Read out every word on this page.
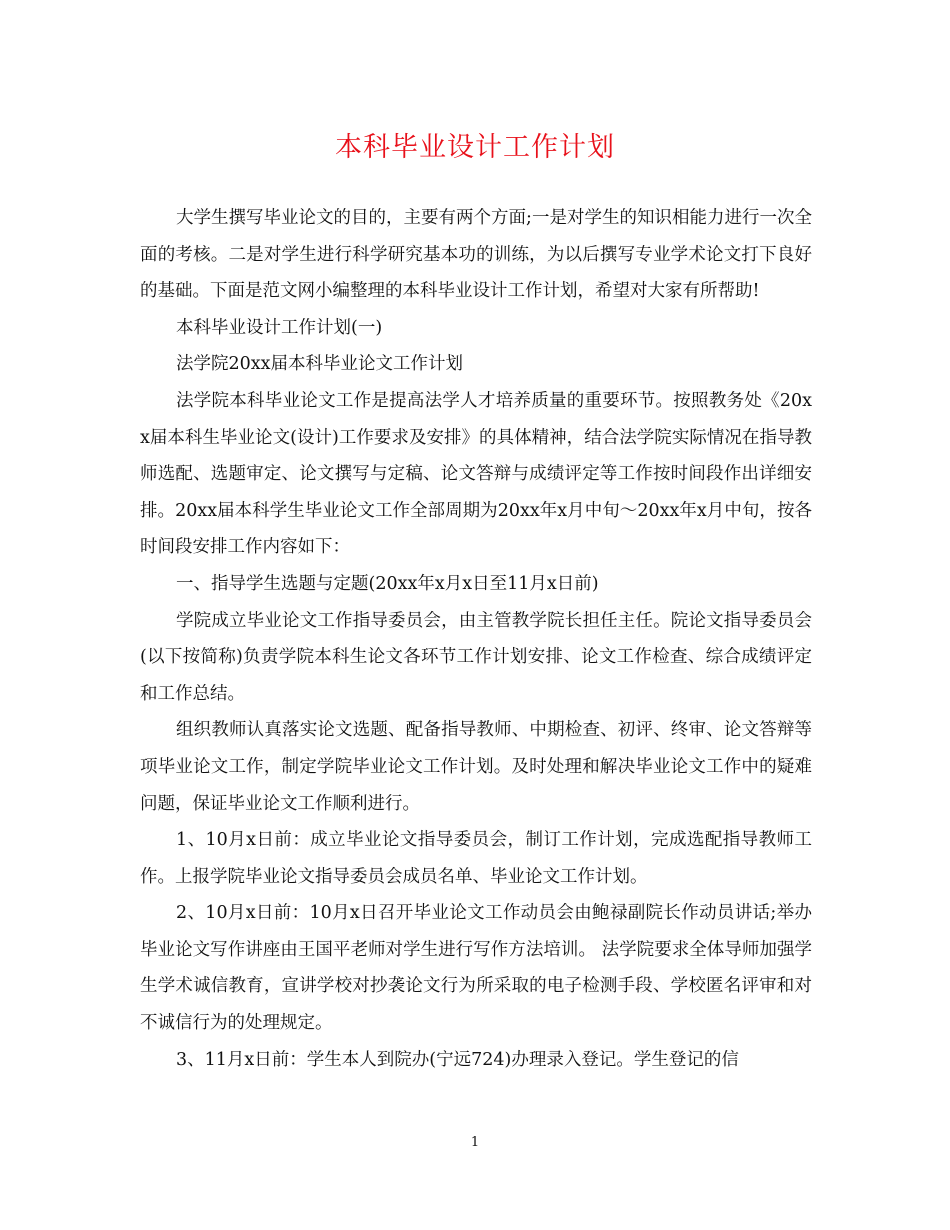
本科毕业设计工作计划

大学生撰写毕业论文的目的，主要有两个方面;一是对学生的知识相能力进行一次全面的考核。二是对学生进行科学研究基本功的训练，为以后撰写专业学术论文打下良好的基础。下面是范文网小编整理的本科毕业设计工作计划，希望对大家有所帮助!

本科毕业设计工作计划(一)

法学院20xx届本科毕业论文工作计划

法学院本科毕业论文工作是提高法学人才培养质量的重要环节。按照教务处《20xx届本科生毕业论文(设计)工作要求及安排》的具体精神，结合法学院实际情况在指导教师选配、选题审定、论文撰写与定稿、论文答辩与成绩评定等工作按时间段作出详细安排。20xx届本科学生毕业论文工作全部周期为20xx年x月中旬～20xx年x月中旬，按各时间段安排工作内容如下：

一、指导学生选题与定题(20xx年x月x日至11月x日前)

学院成立毕业论文工作指导委员会，由主管教学院长担任主任。院论文指导委员会(以下按简称)负责学院本科生论文各环节工作计划安排、论文工作检查、综合成绩评定和工作总结。

组织教师认真落实论文选题、配备指导教师、中期检查、初评、终审、论文答辩等项毕业论文工作，制定学院毕业论文工作计划。及时处理和解决毕业论文工作中的疑难问题，保证毕业论文工作顺利进行。

1、10月x日前：成立毕业论文指导委员会，制订工作计划，完成选配指导教师工作。上报学院毕业论文指导委员会成员名单、毕业论文工作计划。

2、10月x日前：10月x日召开毕业论文工作动员会由鲍禄副院长作动员讲话;举办毕业论文写作讲座由王国平老师对学生进行写作方法培训。 法学院要求全体导师加强学生学术诚信教育，宣讲学校对抄袭论文行为所采取的电子检测手段、学校匿名评审和对不诚信行为的处理规定。

3、11月x日前：学生本人到院办(宁远724)办理录入登记。学生登记的信

1
